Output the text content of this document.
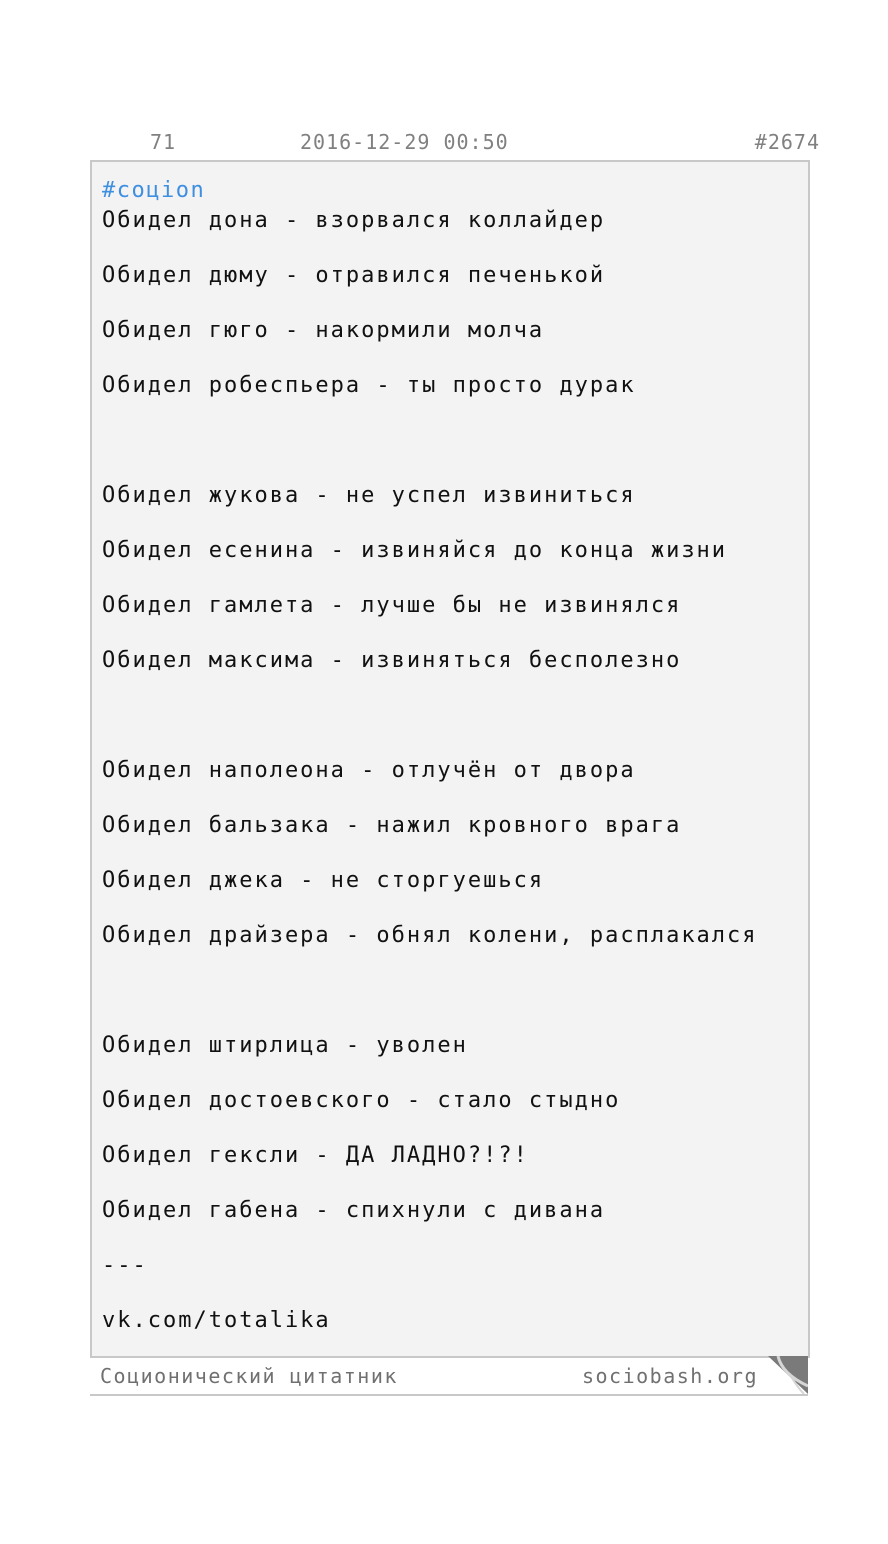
71	2016-12-29 00:50	#2674
#соцion
Обидел дона - взорвался коллайдер
Обидел дюму - отравился печенькой
Обидел гюго - накормили молча
Обидел робеспьера - ты просто дурак
Обидел жукова - не успел извиниться
Обидел есенина - извиняйся до конца жизни
Обидел гамлета - лучше бы не извинялся
Обидел максима - извиняться бесполезно
Обидел наполеона - отлучён от двора
Обидел бальзака - нажил кровного врага
Обидел джека - не сторгуешься
Обидел драйзера - обнял колени, расплакался
Обидел штирлица - уволен
Обидел достоевского - стало стыдно
Обидел гексли - ДА ЛАДНО?!?!
Обидел габена - спихнули с дивана
---
vk.com/totalika
Соционический цитатник	sociobash.org
